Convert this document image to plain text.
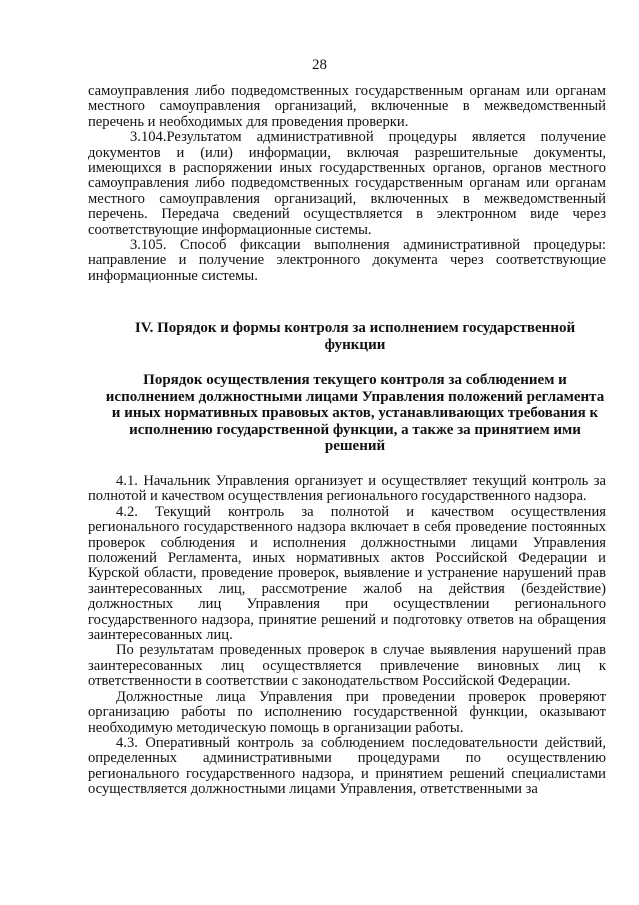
28

самоуправления либо подведомственных государственным органам или органам местного самоуправления организаций, включенные в межведомственный перечень и необходимых для проведения проверки.

3.104.Результатом административной процедуры является получение документов и (или) информации, включая разрешительные документы, имеющихся в распоряжении иных государственных органов, органов местного самоуправления либо подведомственных государственным органам или органам местного самоуправления организаций, включенных в межведомственный перечень. Передача сведений осуществляется в электронном виде через соответствующие информационные системы.

3.105. Способ фиксации выполнения административной процедуры: направление и получение электронного документа через соответствующие информационные системы.

IV. Порядок и формы контроля за исполнением государственной функции

Порядок осуществления текущего контроля за соблюдением и исполнением должностными лицами Управления положений регламента и иных нормативных правовых актов, устанавливающих требования к исполнению государственной функции, а также за принятием ими решений

4.1. Начальник Управления организует и осуществляет текущий контроль за полнотой и качеством осуществления регионального государственного надзора.

4.2. Текущий контроль за полнотой и качеством осуществления регионального государственного надзора включает в себя проведение постоянных проверок соблюдения и исполнения должностными лицами Управления положений Регламента, иных нормативных актов Российской Федерации и Курской области, проведение проверок, выявление и устранение нарушений прав заинтересованных лиц, рассмотрение жалоб на действия (бездействие) должностных лиц Управления при осуществлении регионального государственного надзора, принятие решений и подготовку ответов на обращения заинтересованных лиц.

По результатам проведенных проверок в случае выявления нарушений прав заинтересованных лиц осуществляется привлечение виновных лиц к ответственности в соответствии с законодательством Российской Федерации.

Должностные лица Управления при проведении проверок проверяют организацию работы по исполнению государственной функции, оказывают необходимую методическую помощь в организации работы.

4.3. Оперативный контроль за соблюдением последовательности действий, определенных административными процедурами по осуществлению регионального государственного надзора, и принятием решений специалистами осуществляется должностными лицами Управления, ответственными за
